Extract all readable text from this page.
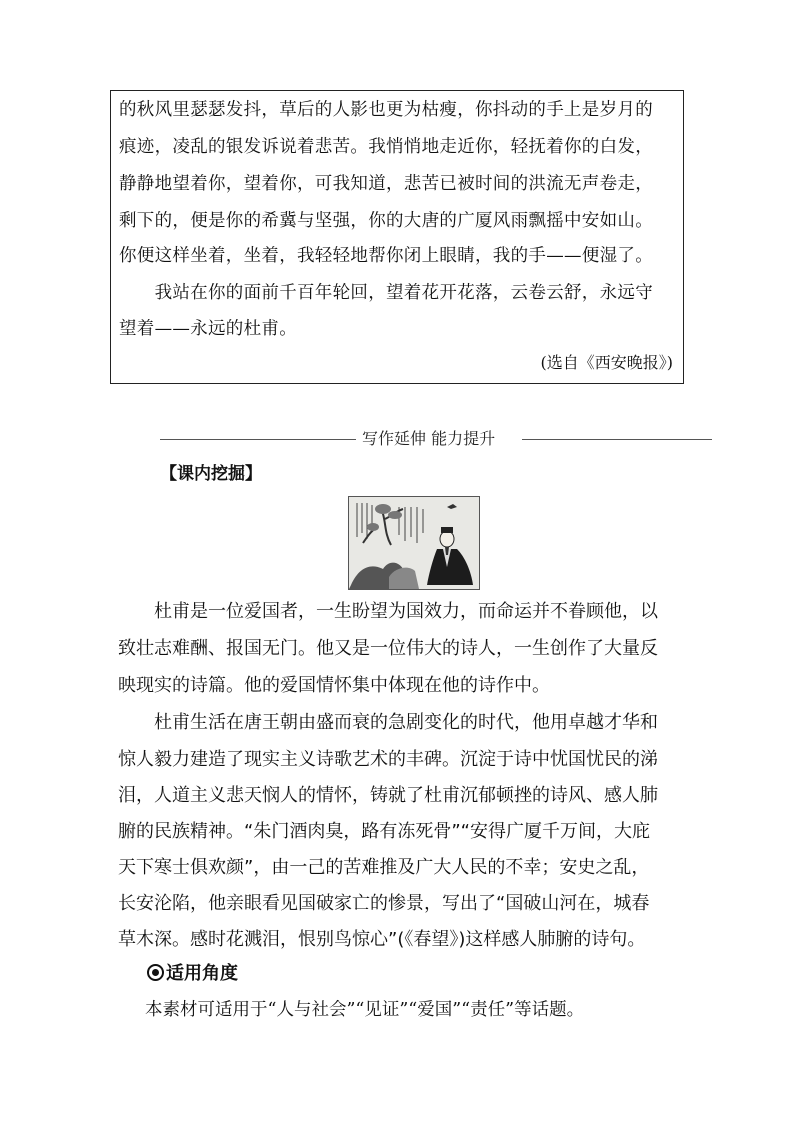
的秋风里瑟瑟发抖，草后的人影也更为枯瘦，你抖动的手上是岁月的
痕迹，凌乱的银发诉说着悲苦。我悄悄地走近你，轻抚着你的白发，
静静地望着你，望着你，可我知道，悲苦已被时间的洪流无声卷走，
剩下的，便是你的希冀与坚强，你的大唐的广厦风雨飘摇中安如山。
你便这样坐着，坐着，我轻轻地帮你闭上眼睛，我的手——便湿了。
　　我站在你的面前千百年轮回，望着花开花落，云卷云舒，永远守
望着——永远的杜甫。
(选自《西安晚报》)
写作延伸 能力提升
【课内挖掘】
　　杜甫是一位爱国者，一生盼望为国效力，而命运并不眷顾他，以
致壮志难酬、报国无门。他又是一位伟大的诗人，一生创作了大量反
映现实的诗篇。他的爱国情怀集中体现在他的诗作中。
　　杜甫生活在唐王朝由盛而衰的急剧变化的时代，他用卓越才华和
惊人毅力建造了现实主义诗歌艺术的丰碑。沉淀于诗中忧国忧民的涕
泪，人道主义悲天悯人的情怀，铸就了杜甫沉郁顿挫的诗风、感人肺
腑的民族精神。“朱门酒肉臭，路有冻死骨”“安得广厦千万间，大庇
天下寒士俱欢颜”，由一己的苦难推及广大人民的不幸；安史之乱，
长安沦陷，他亲眼看见国破家亡的惨景，写出了“国破山河在，城春
草木深。感时花溅泪，恨别鸟惊心”(《春望》)这样感人肺腑的诗句。
适用角度
本素材可适用于“人与社会”“见证”“爱国”“责任”等话题。
